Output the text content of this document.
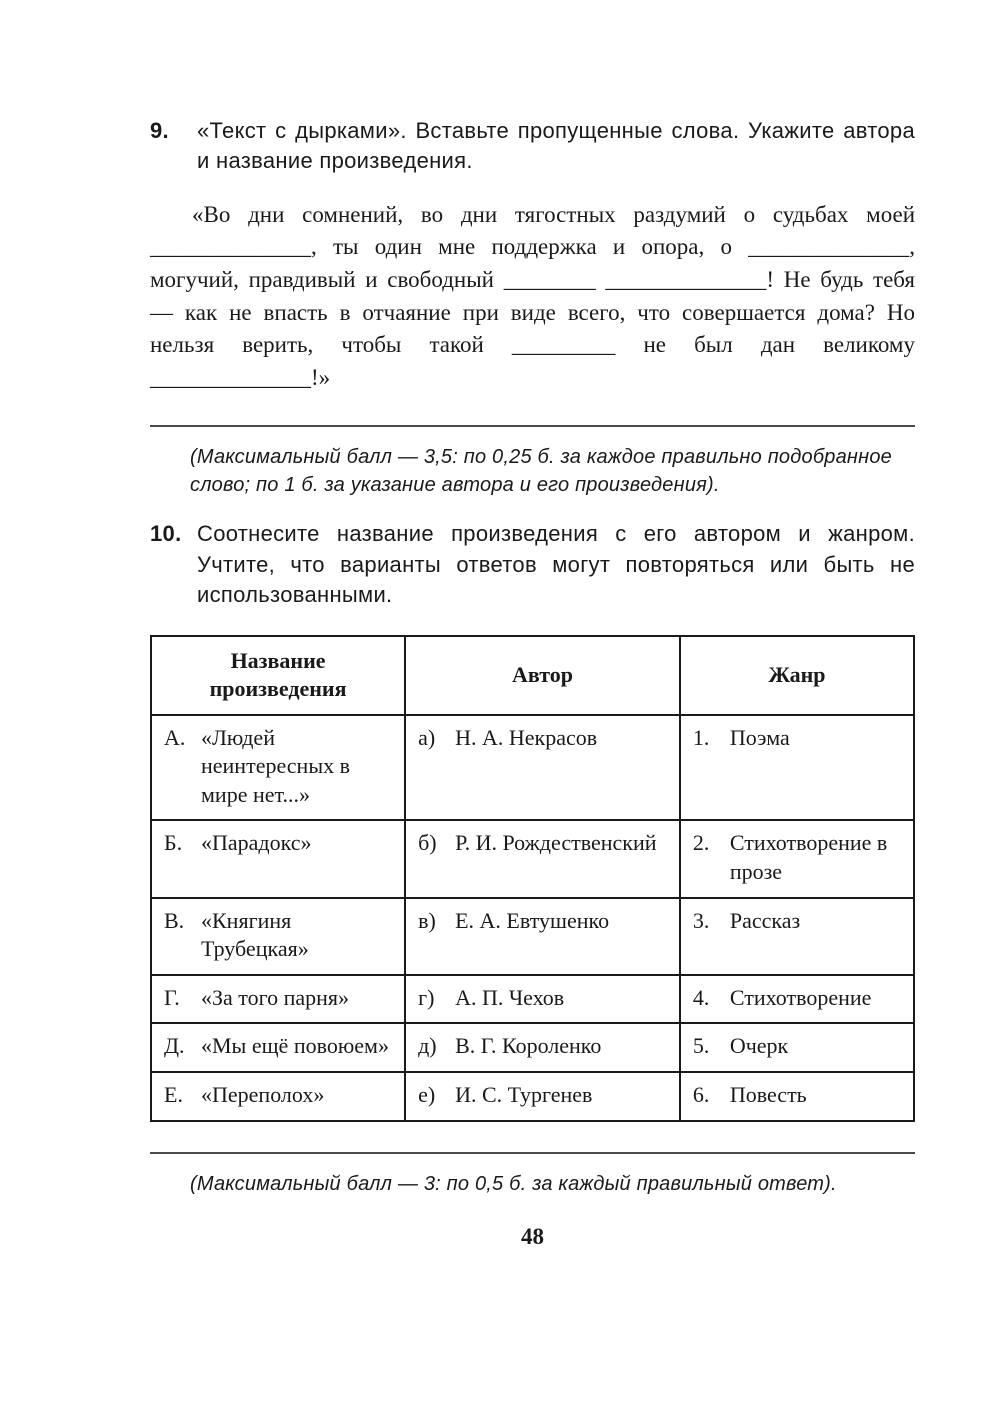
9.	«Текст с дырками». Вставьте пропущенные слова. Укажите автора и название произведения.

«Во дни сомнений, во дни тягостных раздумий о судьбах моей ______________, ты один мне поддержка и опора, о ______________, могучий, правдивый и свободный ________ ______________! Не будь тебя — как не впасть в отчаяние при виде всего, что совершается дома? Но нельзя верить, чтобы такой _________ не был дан великому ______________!»

(Максимальный балл — 3,5: по 0,25 б. за каждое правильно подобранное слово; по 1 б. за указание автора и его произведения).

10. Соотнесите название произведения с его автором и жанром. Учтите, что варианты ответов могут повторяться или быть не использованными.
Название произведения	Автор	Жанр

А. «Людей неинтересных в мире нет...»	а) Н. А. Некрасов	1. Поэма

Б. «Парадокс»	б) Р. И. Рождественский	2. Стихотворение в прозе

В. «Княгиня Трубецкая»	в) Е. А. Евтушенко	3. Рассказ

Г. «За того парня»	г) А. П. Чехов	4. Стихотворение

Д. «Мы ещё повоюем»	д) В. Г. Короленко	5. Очерк

Е. «Переполох»	е) И. С. Тургенев	6. Повесть

(Максимальный балл — 3: по 0,5 б. за каждый правильный ответ).

48
